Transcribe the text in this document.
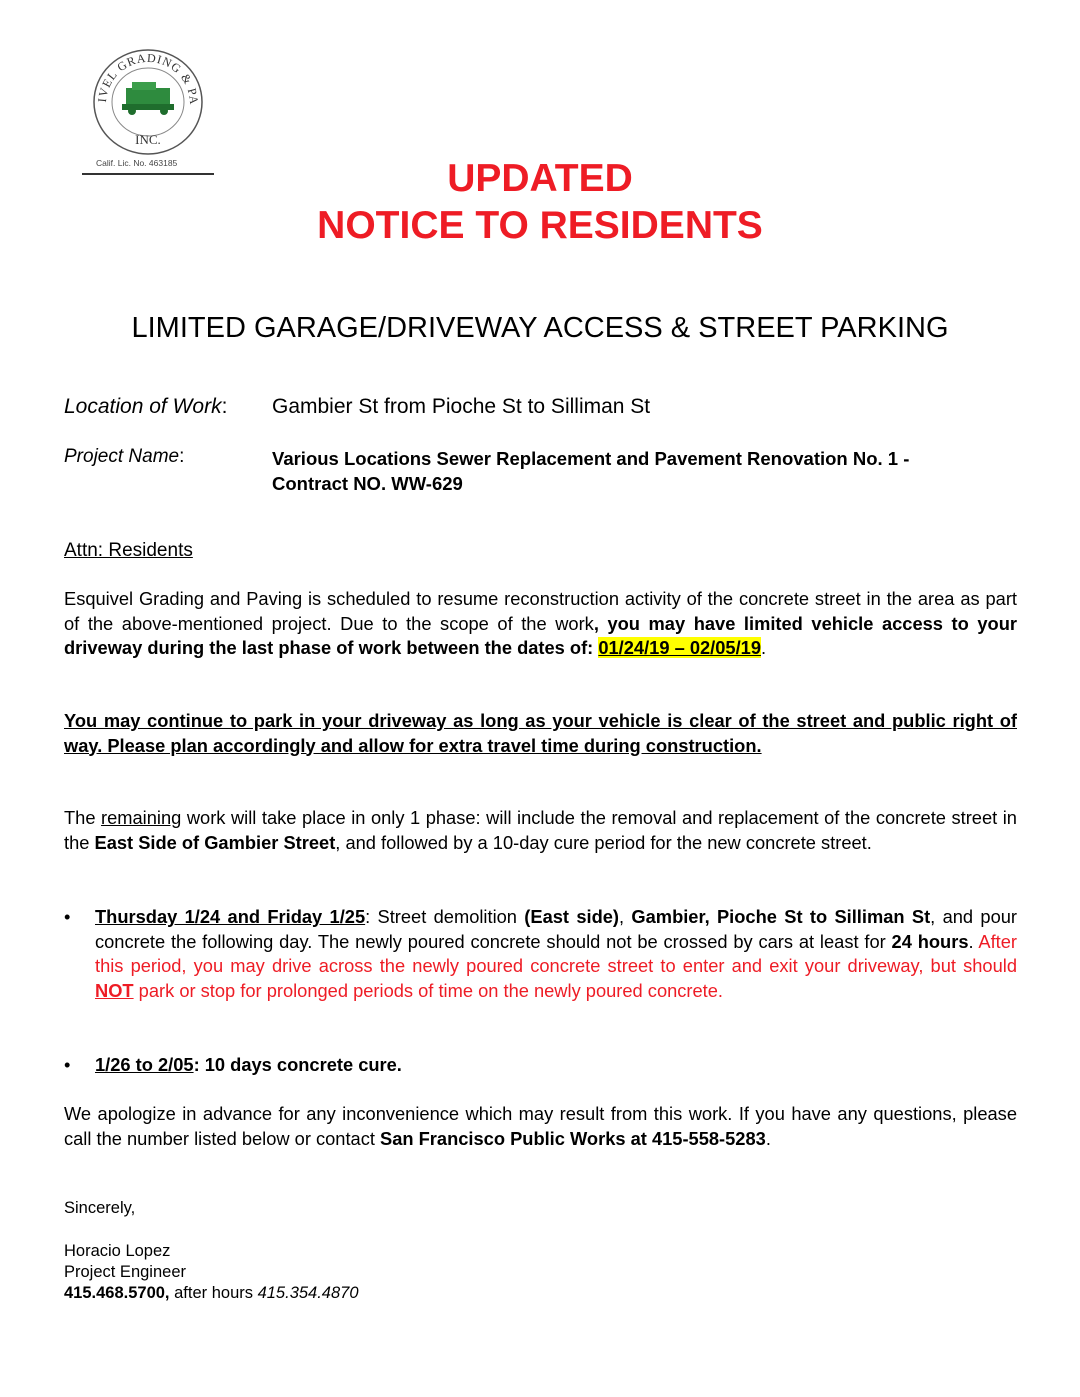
IVEL GRADING & PA
INC.
Calif. Lic. No. 463185	UPDATED
NOTICE TO RESIDENTS
LIMITED GARAGE/DRIVEWAY ACCESS & STREET PARKING
Location of Work: Gambier St from Pioche St to Silliman St
Project Name:	Various Locations Sewer Replacement and Pavement Renovation No. 1 -
Contract NO. WW-629
Attn: Residents
Esquivel Grading and Paving is scheduled to resume reconstruction activity of the concrete street in the area as part of the above-mentioned project. Due to the scope of the work, you may have limited vehicle access to your driveway during the last phase of work between the dates of: 01/24/19 – 02/05/19.
You may continue to park in your driveway as long as your vehicle is clear of the street and public right of way. Please plan accordingly and allow for extra travel time during construction.
The remaining work will take place in only 1 phase: will include the removal and replacement of the concrete street in the East Side of Gambier Street, and followed by a 10-day cure period for the new concrete street.
• Thursday 1/24 and Friday 1/25: Street demolition (East side), Gambier, Pioche St to Silliman St, and pour concrete the following day. The newly poured concrete should not be crossed by cars at least for 24 hours. After this period, you may drive across the newly poured concrete street to enter and exit your driveway, but should NOT park or stop for prolonged periods of time on the newly poured concrete.
• 1/26 to 2/05: 10 days concrete cure.
We apologize in advance for any inconvenience which may result from this work. If you have any questions, please call the number listed below or contact San Francisco Public Works at 415-558-5283.
Sincerely,
Horacio Lopez
Project Engineer
415.468.5700, after hours 415.354.4870
